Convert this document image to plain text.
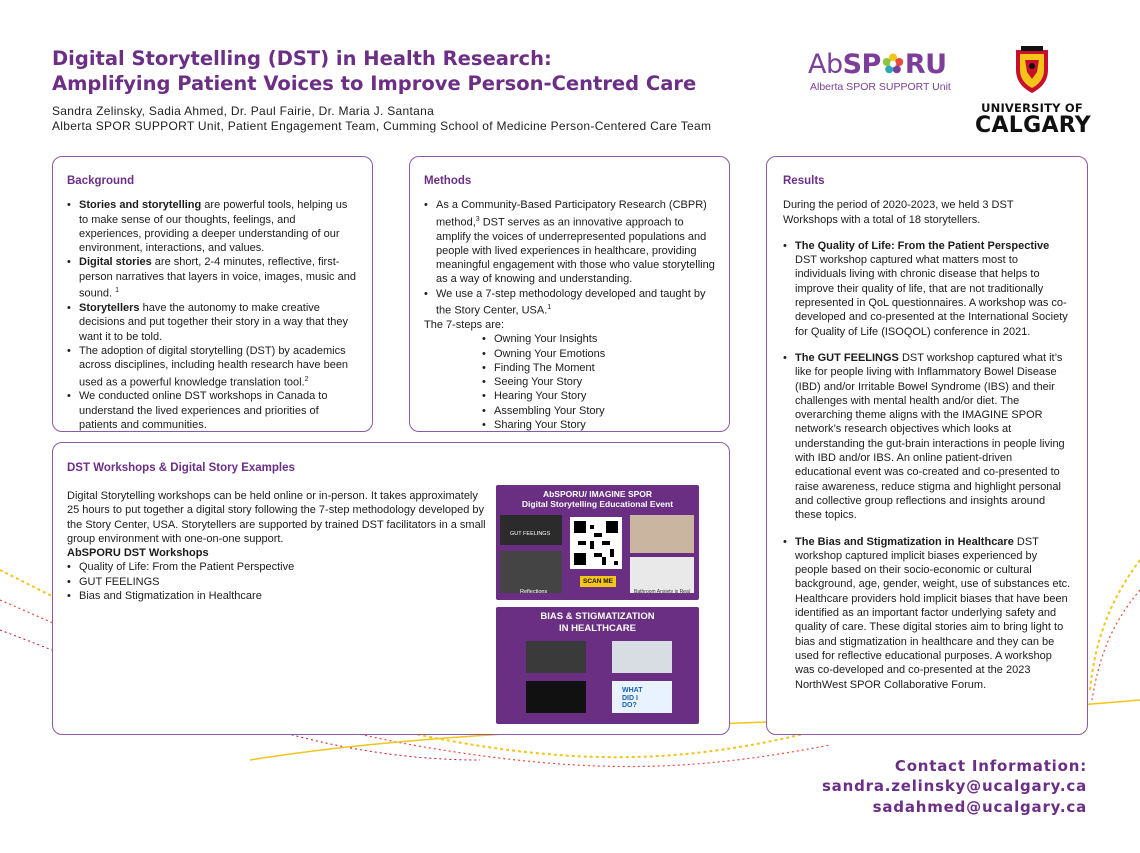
Digital Storytelling (DST) in Health Research:
Amplifying Patient Voices to Improve Person-Centred Care
Sandra Zelinsky, Sadia Ahmed, Dr. Paul Fairie, Dr. Maria J. Santana
Alberta SPOR SUPPORT Unit, Patient Engagement Team, Cumming School of Medicine Person-Centered Care Team
AbSP RU
Alberta SPOR SUPPORT Unit
UNIVERSITY OF
CALGARY
Background
• Stories and storytelling are powerful tools, helping us to make sense of our thoughts, feelings, and experiences, providing a deeper understanding of our environment, interactions, and values.
• Digital stories are short, 2-4 minutes, reflective, first-person narratives that layers in voice, images, music and sound. $^1$
• Storytellers have the autonomy to make creative decisions and put together their story in a way that they want it to be told.
• The adoption of digital storytelling (DST) by academics across disciplines, including health research have been used as a powerful knowledge translation tool.$^2$
• We conducted online DST workshops in Canada to understand the lived experiences and priorities of patients and communities.
Methods
• As a Community-Based Participatory Research (CBPR) method,$^3$ DST serves as an innovative approach to amplify the voices of underrepresented populations and people with lived experiences in healthcare, providing meaningful engagement with those who value storytelling as a way of knowing and understanding.
• We use a 7-step methodology developed and taught by the Story Center, USA.$^1$
The 7-steps are:
• Owning Your Insights
• Owning Your Emotions
• Finding The Moment
• Seeing Your Story
• Hearing Your Story
• Assembling Your Story
• Sharing Your Story
Results

During the period of 2020-2023, we held 3 DST Workshops with a total of 18 storytellers.

• The Quality of Life: From the Patient Perspective DST workshop captured what matters most to individuals living with chronic disease that helps to improve their quality of life, that are not traditionally represented in QoL questionnaires. A workshop was co-developed and co-presented at the International Society for Quality of Life (ISOQOL) conference in 2021.
• The GUT FEELINGS DST workshop captured what it’s like for people living with Inflammatory Bowel Disease (IBD) and/or Irritable Bowel Syndrome (IBS) and their challenges with mental health and/or diet. The overarching theme aligns with the IMAGINE SPOR network’s research objectives which looks at understanding the gut-brain interactions in people living with IBD and/or IBS. An online patient-driven educational event was co-created and co-presented to raise awareness, reduce stigma and highlight personal and collective group reflections and insights around these topics.
• The Bias and Stigmatization in Healthcare DST workshop captured implicit biases experienced by people based on their socio-economic or cultural background, age, gender, weight, use of substances etc. Healthcare providers hold implicit biases that have been identified as an important factor underlying safety and quality of care. These digital stories aim to bring light to bias and stigmatization in healthcare and they can be used for reflective educational purposes. A workshop was co-developed and co-presented at the 2023 NorthWest SPOR Collaborative Forum.
DST Workshops & Digital Story Examples
Digital Storytelling workshops can be held online or in-person. It takes approximately 25 hours to put together a digital story following the 7-step methodology developed by the Story Center, USA. Storytellers are supported by trained DST facilitators in a small group environment with one-on-one support.
AbSPORU DST Workshops
• Quality of Life: From the Patient Perspective
• GUT FEELINGS
• Bias and Stigmatization in Healthcare
AbSPORU/ IMAGINE SPOR
Digital Storytelling Educational Event
GUT FEELINGS
Reflections
SCAN ME
Bathroom Anxiety is Real
BIAS & STIGMATIZATION
IN HEALTHCARE
WHAT DID I DO?
Contact Information:
sandra.zelinsky@ucalgary.ca
sadahmed@ucalgary.ca
